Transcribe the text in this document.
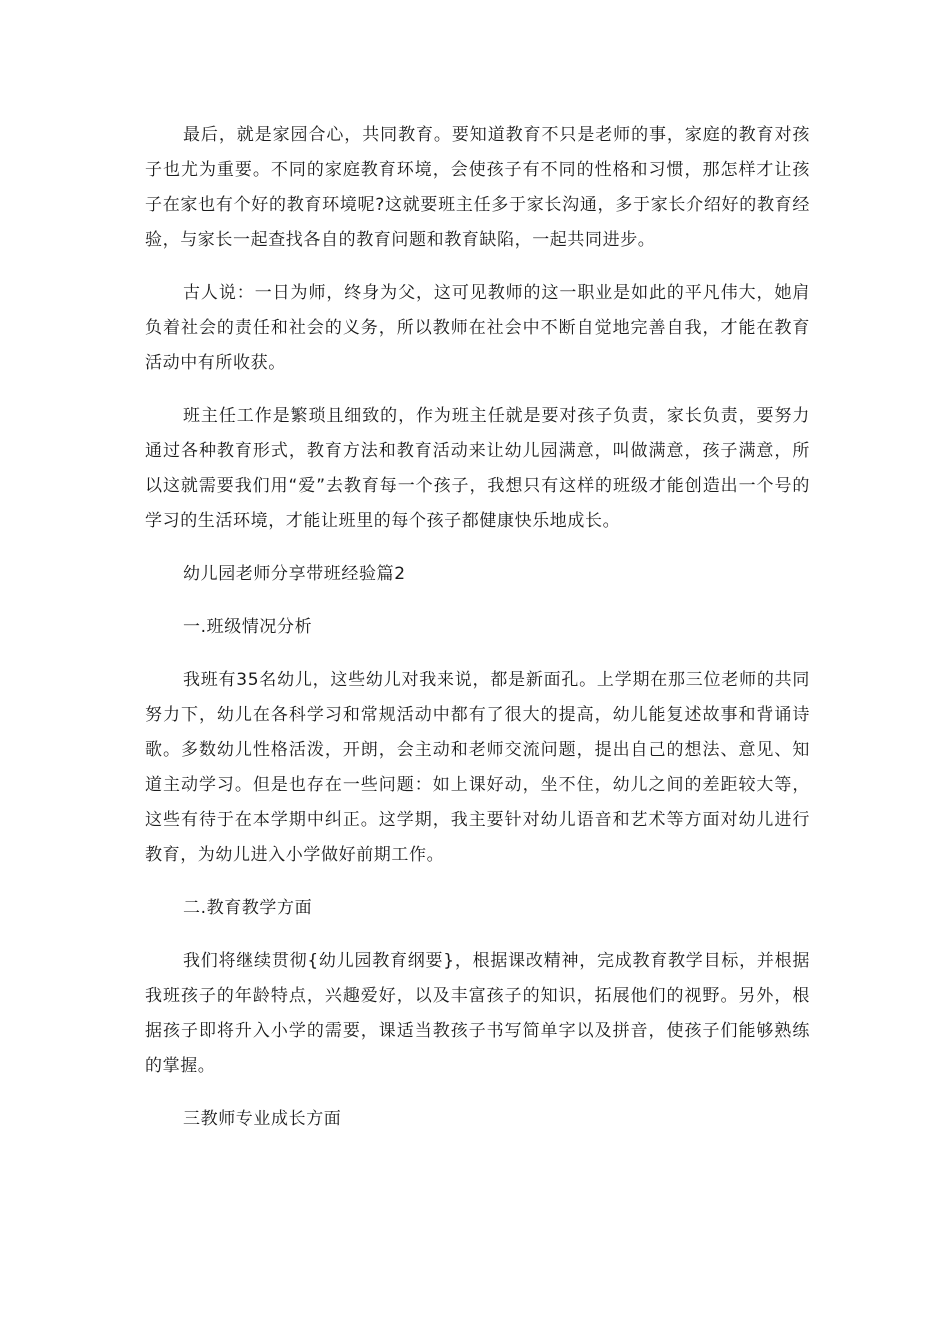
最后，就是家园合心，共同教育。要知道教育不只是老师的事，家庭的教育对孩子也尤为重要。不同的家庭教育环境，会使孩子有不同的性格和习惯，那怎样才让孩子在家也有个好的教育环境呢?这就要班主任多于家长沟通，多于家长介绍好的教育经验，与家长一起查找各自的教育问题和教育缺陷，一起共同进步。

古人说：一日为师，终身为父，这可见教师的这一职业是如此的平凡伟大，她肩负着社会的责任和社会的义务，所以教师在社会中不断自觉地完善自我，才能在教育活动中有所收获。

班主任工作是繁琐且细致的，作为班主任就是要对孩子负责，家长负责，要努力通过各种教育形式，教育方法和教育活动来让幼儿园满意，叫做满意，孩子满意，所以这就需要我们用“爱”去教育每一个孩子，我想只有这样的班级才能创造出一个号的学习的生活环境，才能让班里的每个孩子都健康快乐地成长。

幼儿园老师分享带班经验篇2

一.班级情况分析

我班有35名幼儿，这些幼儿对我来说，都是新面孔。上学期在那三位老师的共同努力下，幼儿在各科学习和常规活动中都有了很大的提高，幼儿能复述故事和背诵诗歌。多数幼儿性格活泼，开朗，会主动和老师交流问题，提出自己的想法、意见、知道主动学习。但是也存在一些问题：如上课好动，坐不住，幼儿之间的差距较大等，这些有待于在本学期中纠正。这学期，我主要针对幼儿语音和艺术等方面对幼儿进行教育，为幼儿进入小学做好前期工作。

二.教育教学方面

我们将继续贯彻{幼儿园教育纲要}，根据课改精神，完成教育教学目标，并根据我班孩子的年龄特点，兴趣爱好，以及丰富孩子的知识，拓展他们的视野。另外，根据孩子即将升入小学的需要，课适当教孩子书写简单字以及拼音，使孩子们能够熟练的掌握。

三教师专业成长方面
